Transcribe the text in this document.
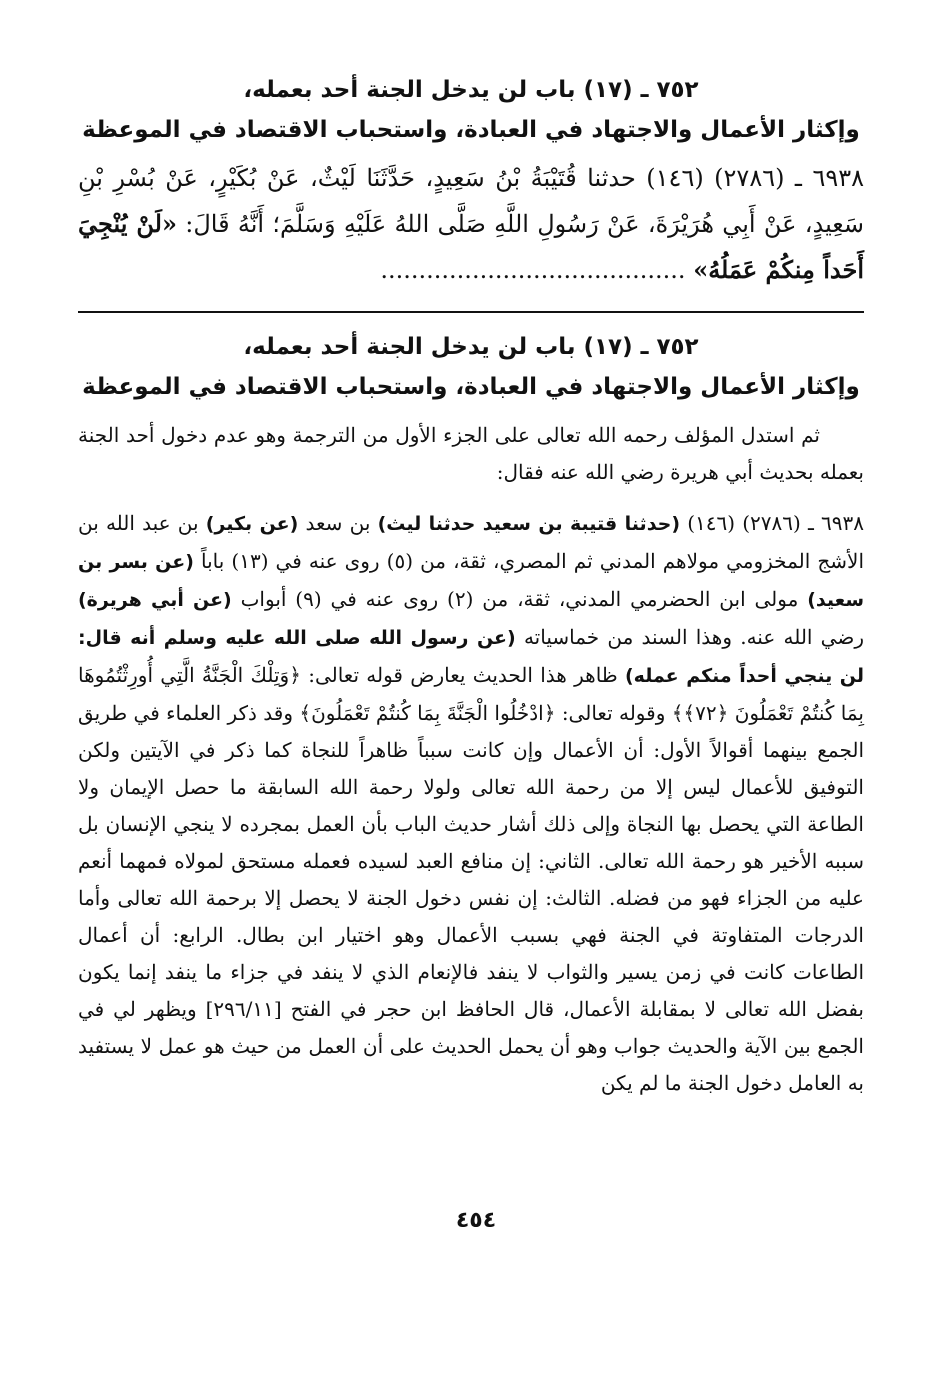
٧٥٢ ـ (١٧) باب لن يدخل الجنة أحد بعمله،
وإكثار الأعمال والاجتهاد في العبادة، واستحباب الاقتصاد في الموعظة

٦٩٣٨ ـ (٢٧٨٦) (١٤٦) حدثنا قُتَيْبَةُ بْنُ سَعِيدٍ، حَدَّثَنَا لَيْثٌ، عَنْ بُكَيْرٍ، عَنْ بُسْرِ بْنِ سَعِيدٍ، عَنْ أَبِي هُرَيْرَةَ، عَنْ رَسُولِ اللَّهِ صَلَّى اللهُ عَلَيْهِ وَسَلَّمَ؛ أَنَّهُ قَالَ: «لَنْ يُنْجِيَ أَحَداً مِنكُمْ عَمَلُهُ» ........................................

٧٥٢ ـ (١٧) باب لن يدخل الجنة أحد بعمله،
وإكثار الأعمال والاجتهاد في العبادة، واستحباب الاقتصاد في الموعظة

ثم استدل المؤلف رحمه الله تعالى على الجزء الأول من الترجمة وهو عدم دخول أحد الجنة بعمله بحديث أبي هريرة رضي الله عنه فقال:

٦٩٣٨ ـ (٢٧٨٦) (١٤٦) (حدثنا قتيبة بن سعيد حدثنا ليث) بن سعد (عن بكير) بن عبد الله بن الأشج المخزومي مولاهم المدني ثم المصري، ثقة، من (٥) روى عنه في (١٣) باباً (عن بسر بن سعيد) مولى ابن الحضرمي المدني، ثقة، من (٢) روى عنه في (٩) أبواب (عن أبي هريرة) رضي الله عنه. وهذا السند من خماسياته (عن رسول الله صلى الله عليه وسلم أنه قال: لن ينجي أحداً منكم عمله) ظاهر هذا الحديث يعارض قوله تعالى: ﴿وَتِلْكَ الْجَنَّةُ الَّتِي أُورِثْتُمُوهَا بِمَا كُنتُمْ تَعْمَلُونَ ﴿٧٢﴾﴾ وقوله تعالى: ﴿ادْخُلُوا الْجَنَّةَ بِمَا كُنتُمْ تَعْمَلُونَ﴾ وقد ذكر العلماء في طريق الجمع بينهما أقوالاً الأول: أن الأعمال وإن كانت سبباً ظاهراً للنجاة كما ذكر في الآيتين ولكن التوفيق للأعمال ليس إلا من رحمة الله تعالى ولولا رحمة الله السابقة ما حصل الإيمان ولا الطاعة التي يحصل بها النجاة وإلى ذلك أشار حديث الباب بأن العمل بمجرده لا ينجي الإنسان بل سببه الأخير هو رحمة الله تعالى. الثاني: إن منافع العبد لسيده فعمله مستحق لمولاه فمهما أنعم عليه من الجزاء فهو من فضله. الثالث: إن نفس دخول الجنة لا يحصل إلا برحمة الله تعالى وأما الدرجات المتفاوتة في الجنة فهي بسبب الأعمال وهو اختيار ابن بطال. الرابع: أن أعمال الطاعات كانت في زمن يسير والثواب لا ينفد فالإنعام الذي لا ينفد في جزاء ما ينفد إنما يكون بفضل الله تعالى لا بمقابلة الأعمال، قال الحافظ ابن حجر في الفتح [٢٩٦/١١] ويظهر لي في الجمع بين الآية والحديث جواب وهو أن يحمل الحديث على أن العمل من حيث هو عمل لا يستفيد به العامل دخول الجنة ما لم يكن

٤٥٤
